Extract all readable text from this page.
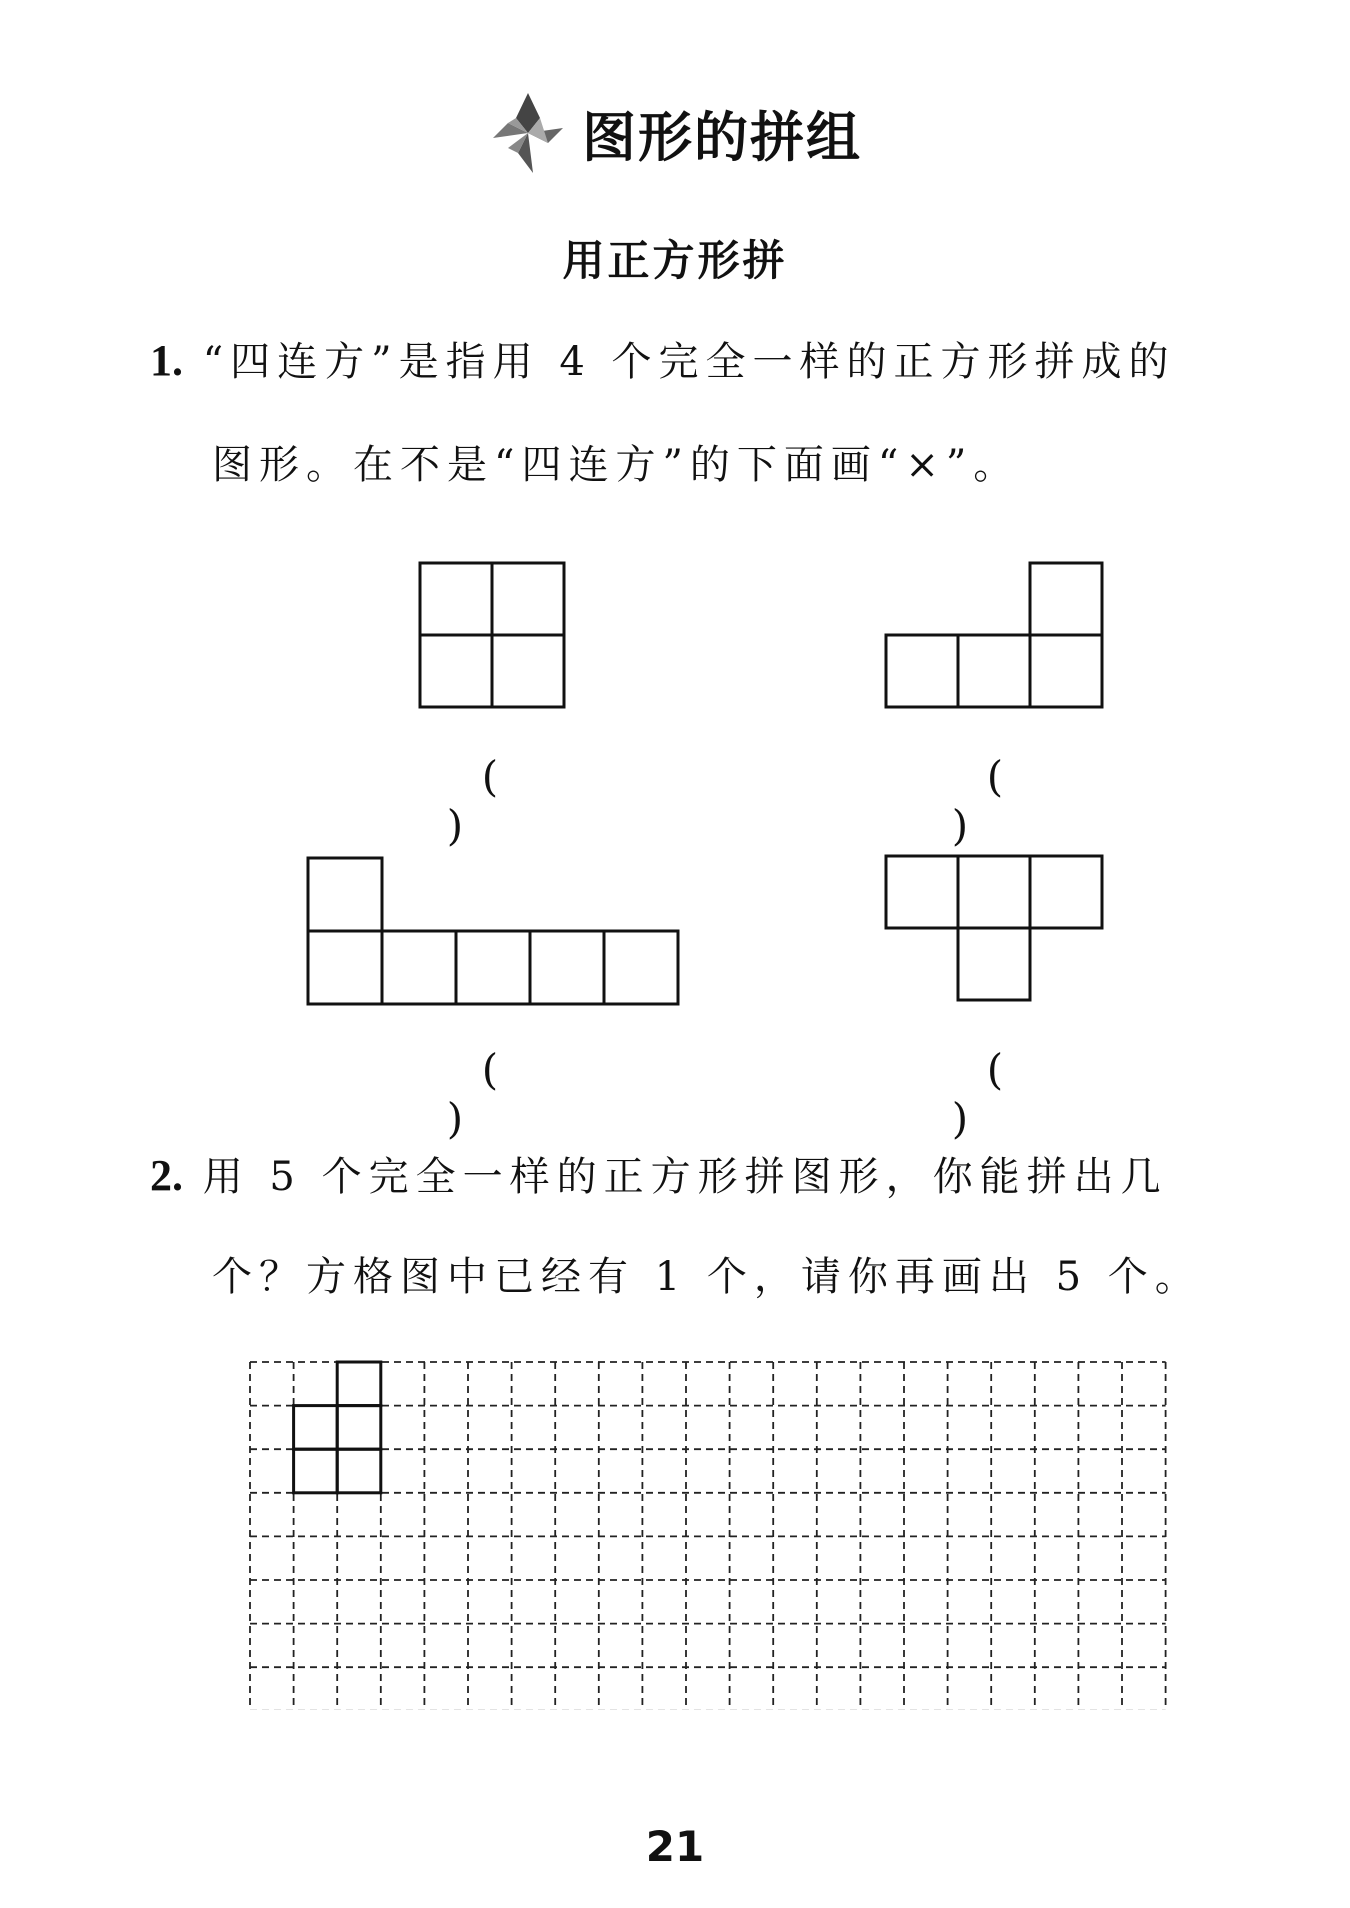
图形的拼组
用正方形拼
1. “四连方”是指用 4 个完全一样的正方形拼成的
图形。在不是“四连方”的下面画“×”。
( )
( )
( )
( )
2. 用 5 个完全一样的正方形拼图形，你能拼出几
个？方格图中已经有 1 个，请你再画出 5 个。
21
